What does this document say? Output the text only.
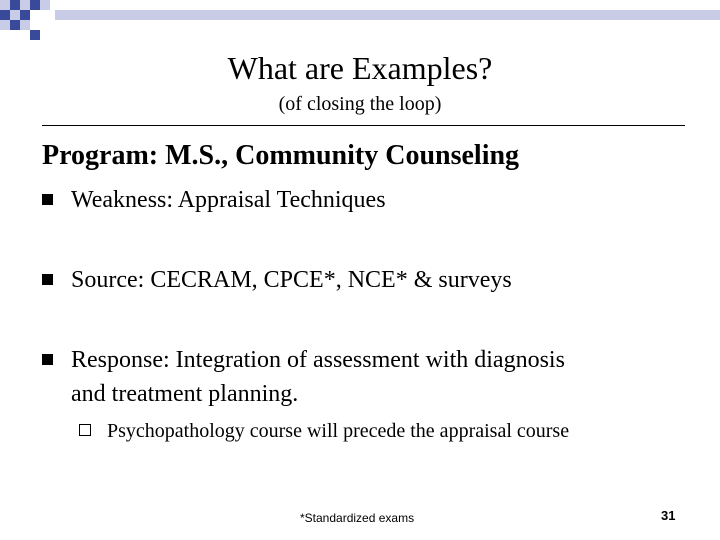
What are Examples?
(of closing the loop)
Program: M.S., Community Counseling
Weakness: Appraisal Techniques
Source: CECRAM, CPCE*, NCE* & surveys
Response: Integration of assessment with diagnosis
and treatment planning.
Psychopathology course will precede the appraisal course
*Standardized exams	31
